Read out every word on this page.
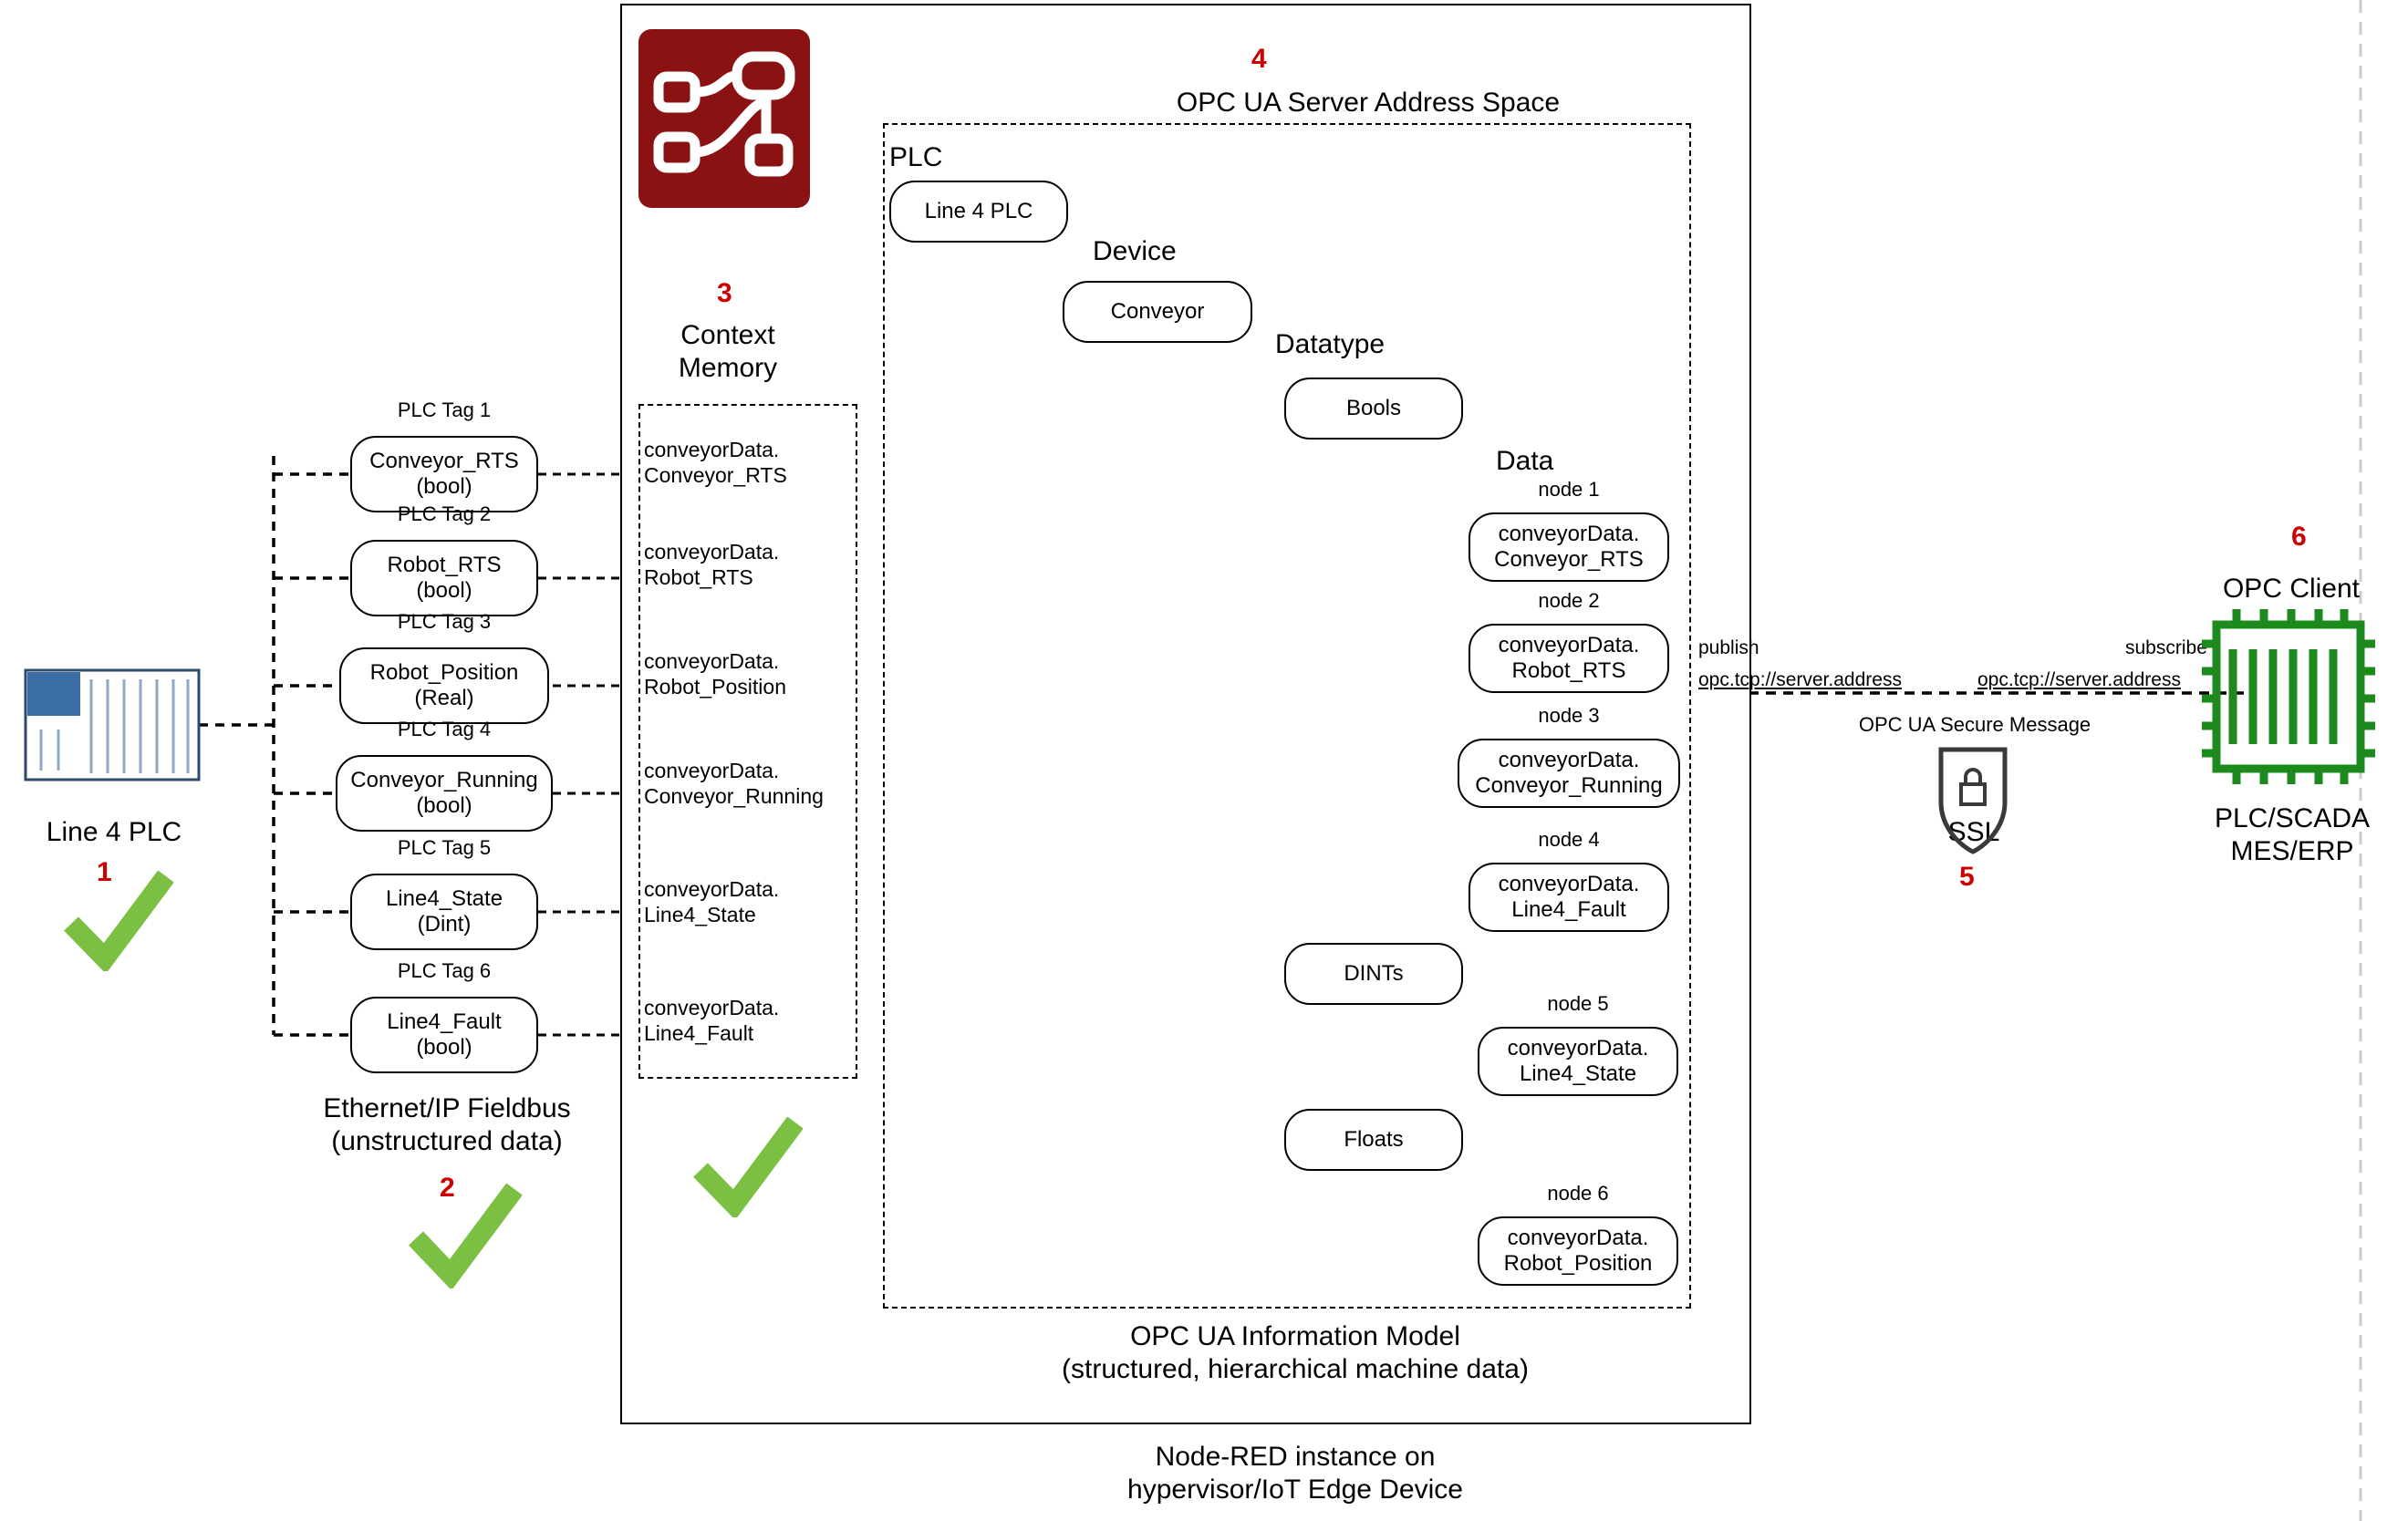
Line 4 PLC
1
PLC Tag 1
Conveyor_RTS
(bool)
PLC Tag 2
Robot_RTS
(bool)
PLC Tag 3
Robot_Position
(Real)
PLC Tag 4
Conveyor_Running
(bool)
PLC Tag 5
Line4_State
(Dint)
PLC Tag 6
Line4_Fault
(bool)
Ethernet/IP Fieldbus
(unstructured data)
2
3
Context
Memory
conveyorData.
Conveyor_RTS
conveyorData.
Robot_RTS
conveyorData.
Robot_Position
conveyorData.
Conveyor_Running
conveyorData.
Line4_State
conveyorData.
Line4_Fault
4
OPC UA Server Address Space
PLC
Device
Datatype
Data
Line 4 PLC
Conveyor
Bools
DINTs
Floats
node 1
conveyorData.
Conveyor_RTS
node 2
conveyorData.
Robot_RTS
node 3
conveyorData.
Conveyor_Running
node 4
conveyorData.
Line4_Fault
node 5
conveyorData.
Line4_State
node 6
conveyorData.
Robot_Position
OPC UA Information Model
(structured, hierarchical machine data)
Node-RED instance on
hypervisor/IoT Edge Device
publish
opc.tcp://server.address
subscribe
opc.tcp://server.address
OPC UA Secure Message
SSL
5
6
OPC Client
PLC/SCADA
MES/ERP
